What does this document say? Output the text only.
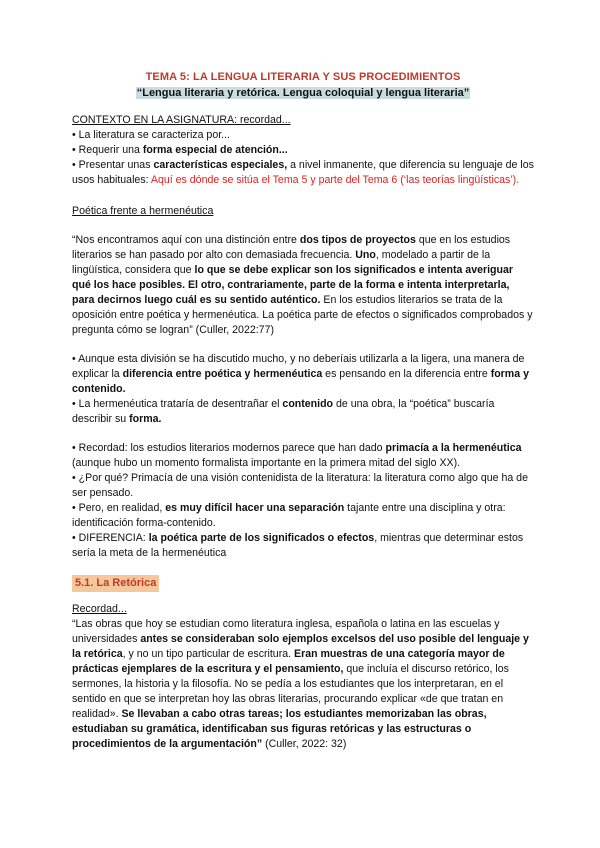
TEMA 5: LA LENGUA LITERARIA Y SUS PROCEDIMIENTOS
“Lengua literaria y retórica. Lengua coloquial y lengua literaria”

CONTEXTO EN LA ASIGNATURA: recordad...

• La literatura se caracteriza por...

• Requerir una forma especial de atención...

• Presentar unas características especiales, a nivel inmanente, que diferencia su lenguaje de los usos habituales: Aquí es dónde se sitúa el Tema 5 y parte del Tema 6 (‘las teorías lingüísticas’).

Poética frente a hermenéutica

“Nos encontramos aquí con una distinción entre dos tipos de proyectos que en los estudios literarios se han pasado por alto con demasiada frecuencia. Uno, modelado a partir de la lingüística, considera que lo que se debe explicar son los significados e intenta averiguar qué los hace posibles. El otro, contrariamente, parte de la forma e intenta interpretarla, para decirnos luego cuál es su sentido auténtico. En los estudios literarios se trata de la oposición entre poética y hermenéutica. La poética parte de efectos o significados comprobados y pregunta cómo se logran” (Culler, 2022:77)

• Aunque esta división se ha discutido mucho, y no deberíais utilizarla a la ligera, una manera de explicar la diferencia entre poética y hermenéutica es pensando en la diferencia entre forma y contenido.

• La hermenéutica trataría de desentrañar el contenido de una obra, la “poética” buscaría describir su forma.

• Recordad: los estudios literarios modernos parece que han dado primacía a la hermenéutica (aunque hubo un momento formalista importante en la primera mitad del siglo XX).

• ¿Por qué? Primacía de una visión contenidista de la literatura: la literatura como algo que ha de ser pensado.

• Pero, en realidad, es muy difícil hacer una separación tajante entre una disciplina y otra: identificación forma-contenido.

• DIFERENCIA: la poética parte de los significados o efectos, mientras que determinar estos sería la meta de la hermenéutica

5.1. La Retórica

Recordad...

“Las obras que hoy se estudian como literatura inglesa, española o latina en las escuelas y universidades antes se consideraban solo ejemplos excelsos del uso posible del lenguaje y la retórica, y no un tipo particular de escritura. Eran muestras de una categoría mayor de prácticas ejemplares de la escritura y el pensamiento, que incluía el discurso retórico, los sermones, la historia y la filosofía. No se pedía a los estudiantes que los interpretaran, en el sentido en que se interpretan hoy las obras literarias, procurando explicar «de que tratan en realidad». Se llevaban a cabo otras tareas; los estudiantes memorizaban las obras, estudiaban su gramática, identificaban sus figuras retóricas y las estructuras o procedimientos de la argumentación” (Culler, 2022: 32)
